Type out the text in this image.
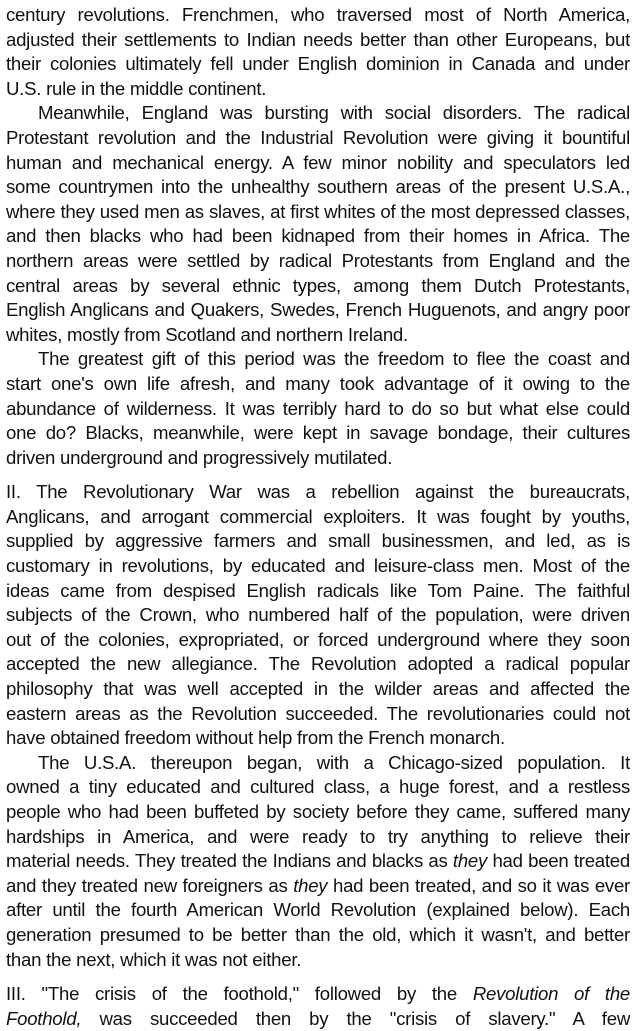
century revolutions. Frenchmen, who traversed most of North America,
adjusted their settlements to Indian needs better than other Europeans, but
their colonies ultimately fell under English dominion in Canada and under
U.S. rule in the middle continent.
Meanwhile, England was bursting with social disorders. The radical
Protestant revolution and the Industrial Revolution were giving it bountiful
human and mechanical energy. A few minor nobility and speculators led
some countrymen into the unhealthy southern areas of the present U.S.A.,
where they used men as slaves, at first whites of the most depressed classes,
and then blacks who had been kidnaped from their homes in Africa. The
northern areas were settled by radical Protestants from England and the
central areas by several ethnic types, among them Dutch Protestants,
English Anglicans and Quakers, Swedes, French Huguenots, and angry poor
whites, mostly from Scotland and northern Ireland.
The greatest gift of this period was the freedom to flee the coast and
start one's own life afresh, and many took advantage of it owing to the
abundance of wilderness. It was terribly hard to do so but what else could
one do? Blacks, meanwhile, were kept in savage bondage, their cultures
driven underground and progressively mutilated.
II. The Revolutionary War was a rebellion against the bureaucrats,
Anglicans, and arrogant commercial exploiters. It was fought by youths,
supplied by aggressive farmers and small businessmen, and led, as is
customary in revolutions, by educated and leisure-class men. Most of the
ideas came from despised English radicals like Tom Paine. The faithful
subjects of the Crown, who numbered half of the population, were driven
out of the colonies, expropriated, or forced underground where they soon
accepted the new allegiance. The Revolution adopted a radical popular
philosophy that was well accepted in the wilder areas and affected the
eastern areas as the Revolution succeeded. The revolutionaries could not
have obtained freedom without help from the French monarch.
The U.S.A. thereupon began, with a Chicago-sized population. It
owned a tiny educated and cultured class, a huge forest, and a restless
people who had been buffeted by society before they came, suffered many
hardships in America, and were ready to try anything to relieve their
material needs. They treated the Indians and blacks as they had been treated
and they treated new foreigners as they had been treated, and so it was ever
after until the fourth American World Revolution (explained below). Each
generation presumed to be better than the old, which it wasn't, and better
than the next, which it was not either.
III. "The crisis of the foothold," followed by the Revolution of the
Foothold, was succeeded then by the "crisis of slavery." A few
